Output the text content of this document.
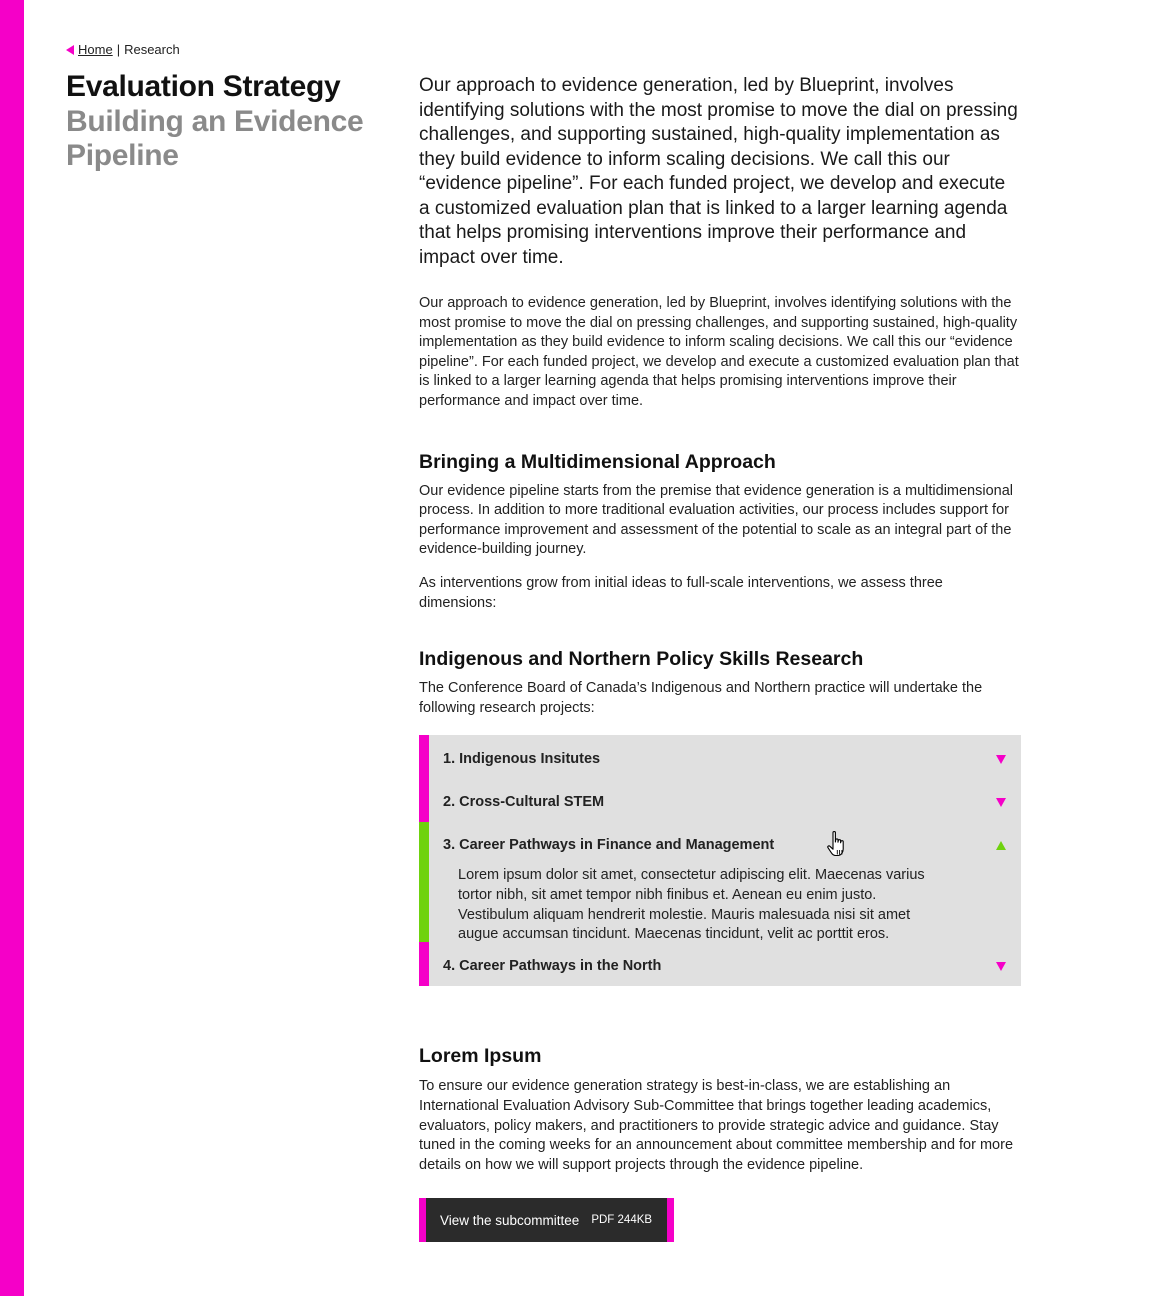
Home | Research
Evaluation Strategy
Building an Evidence Pipeline

Our approach to evidence generation, led by Blueprint, involves identifying solutions with the most promise to move the dial on pressing challenges, and supporting sustained, high-quality implementation as they build evidence to inform scaling decisions. We call this our “evidence pipeline”. For each funded project, we develop and execute a customized evaluation plan that is linked to a larger learning agenda that helps promising interventions improve their performance and impact over time.

Our approach to evidence generation, led by Blueprint, involves identifying solutions with the most promise to move the dial on pressing challenges, and supporting sustained, high-quality implementation as they build evidence to inform scaling decisions. We call this our “evidence pipeline”. For each funded project, we develop and execute a customized evaluation plan that is linked to a larger learning agenda that helps promising interventions improve their performance and impact over time.

Bringing a Multidimensional Approach

Our evidence pipeline starts from the premise that evidence generation is a multidimensional process. In addition to more traditional evaluation activities, our process includes support for performance improvement and assessment of the potential to scale as an integral part of the evidence-building journey.

As interventions grow from initial ideas to full-scale interventions, we assess three dimensions:

Indigenous and Northern Policy Skills Research

The Conference Board of Canada’s Indigenous and Northern practice will undertake the following research projects:

1. Indigenous Insitutes
2. Cross-Cultural STEM
3. Career Pathways in Finance and Management
Lorem ipsum dolor sit amet, consectetur adipiscing elit. Maecenas varius tortor nibh, sit amet tempor nibh finibus et. Aenean eu enim justo. Vestibulum aliquam hendrerit molestie. Mauris malesuada nisi sit amet augue accumsan tincidunt. Maecenas tincidunt, velit ac porttit eros.
4. Career Pathways in the North
Lorem Ipsum

To ensure our evidence generation strategy is best-in-class, we are establishing an International Evaluation Advisory Sub-Committee that brings together leading academics, evaluators, policy makers, and practitioners to provide strategic advice and guidance. Stay tuned in the coming weeks for an announcement about committee membership and for more details on how we will support projects through the evidence pipeline.

View the subcommittee PDF 244KB
